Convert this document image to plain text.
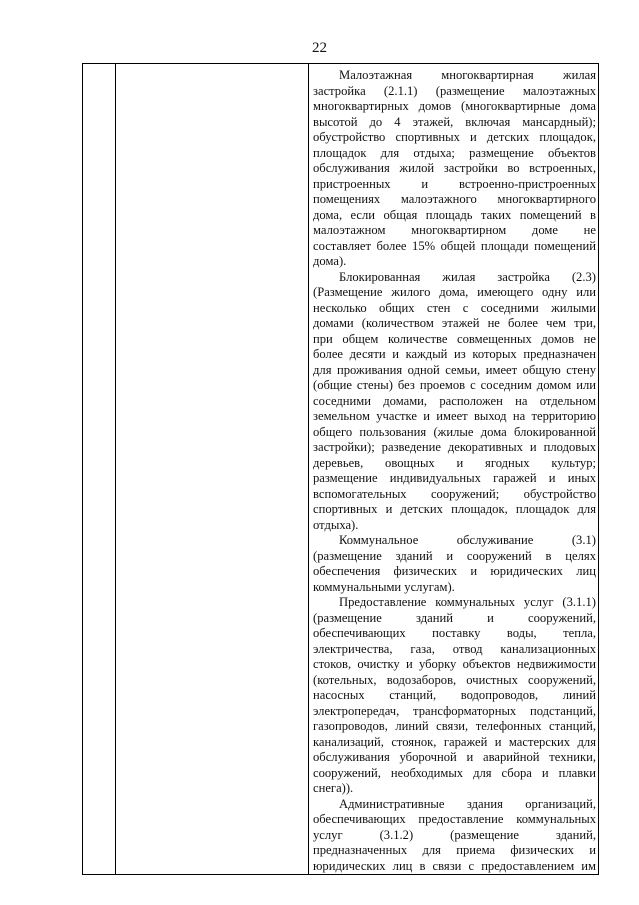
22

Малоэтажная многоквартирная жилая
застройка (2.1.1) (размещение малоэтажных
многоквартирных домов (многоквартирные дома
высотой до 4 этажей, включая мансардный);
обустройство спортивных и детских площадок,
площадок для отдыха; размещение объектов
обслуживания жилой застройки во встроенных,
пристроенных и встроенно-пристроенных
помещениях малоэтажного многоквартирного
дома, если общая площадь таких помещений в
малоэтажном многоквартирном доме не
составляет более 15% общей площади помещений
дома).
Блокированная жилая застройка (2.3)
(Размещение жилого дома, имеющего одну или
несколько общих стен с соседними жилыми
домами (количеством этажей не более чем три,
при общем количестве совмещенных домов не
более десяти и каждый из которых предназначен
для проживания одной семьи, имеет общую стену
(общие стены) без проемов с соседним домом или
соседними домами, расположен на отдельном
земельном участке и имеет выход на территорию
общего пользования (жилые дома блокированной
застройки); разведение декоративных и плодовых
деревьев, овощных и ягодных культур;
размещение индивидуальных гаражей и иных
вспомогательных сооружений; обустройство
спортивных и детских площадок, площадок для
отдыха).
Коммунальное обслуживание (3.1)
(размещение зданий и сооружений в целях
обеспечения физических и юридических лиц
коммунальными услугам).
Предоставление коммунальных услуг (3.1.1)
(размещение зданий и сооружений,
обеспечивающих поставку воды, тепла,
электричества, газа, отвод канализационных
стоков, очистку и уборку объектов недвижимости
(котельных, водозаборов, очистных сооружений,
насосных станций, водопроводов, линий
электропередач, трансформаторных подстанций,
газопроводов, линий связи, телефонных станций,
канализаций, стоянок, гаражей и мастерских для
обслуживания уборочной и аварийной техники,
сооружений, необходимых для сбора и плавки
снега)).
Административные здания организаций,
обеспечивающих предоставление коммунальных
услуг (3.1.2) (размещение зданий,
предназначенных для приема физических и
юридических лиц в связи с предоставлением им
